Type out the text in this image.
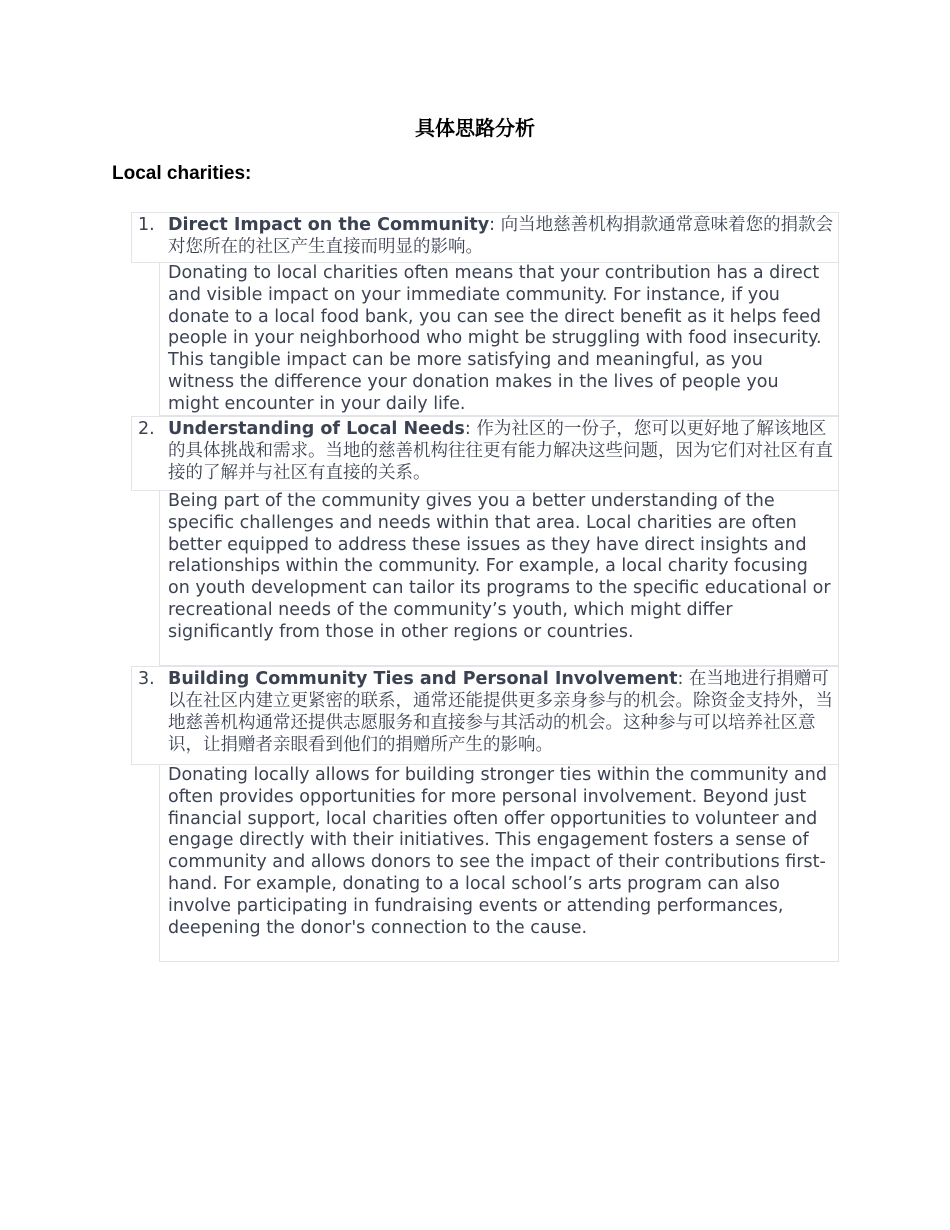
具体思路分析
Local charities:
1. Direct Impact on the Community: 向当地慈善机构捐款通常意味着您的捐款会对您所在的社区产生直接而明显的影响。
Donating to local charities often means that your contribution has a direct and visible impact on your immediate community. For instance, if you donate to a local food bank, you can see the direct benefit as it helps feed people in your neighborhood who might be struggling with food insecurity. This tangible impact can be more satisfying and meaningful, as you witness the difference your donation makes in the lives of people you might encounter in your daily life.
2. Understanding of Local Needs: 作为社区的一份子，您可以更好地了解该地区的具体挑战和需求。当地的慈善机构往往更有能力解决这些问题，因为它们对社区有直接的了解并与社区有直接的关系。
Being part of the community gives you a better understanding of the specific challenges and needs within that area. Local charities are often better equipped to address these issues as they have direct insights and relationships within the community. For example, a local charity focusing on youth development can tailor its programs to the specific educational or recreational needs of the community’s youth, which might differ significantly from those in other regions or countries.
3. Building Community Ties and Personal Involvement: 在当地进行捐赠可以在社区内建立更紧密的联系，通常还能提供更多亲身参与的机会。除资金支持外，当地慈善机构通常还提供志愿服务和直接参与其活动的机会。这种参与可以培养社区意识，让捐赠者亲眼看到他们的捐赠所产生的影响。
Donating locally allows for building stronger ties within the community and often provides opportunities for more personal involvement. Beyond just financial support, local charities often offer opportunities to volunteer and engage directly with their initiatives. This engagement fosters a sense of community and allows donors to see the impact of their contributions first-hand. For example, donating to a local school’s arts program can also involve participating in fundraising events or attending performances, deepening the donor's connection to the cause.
